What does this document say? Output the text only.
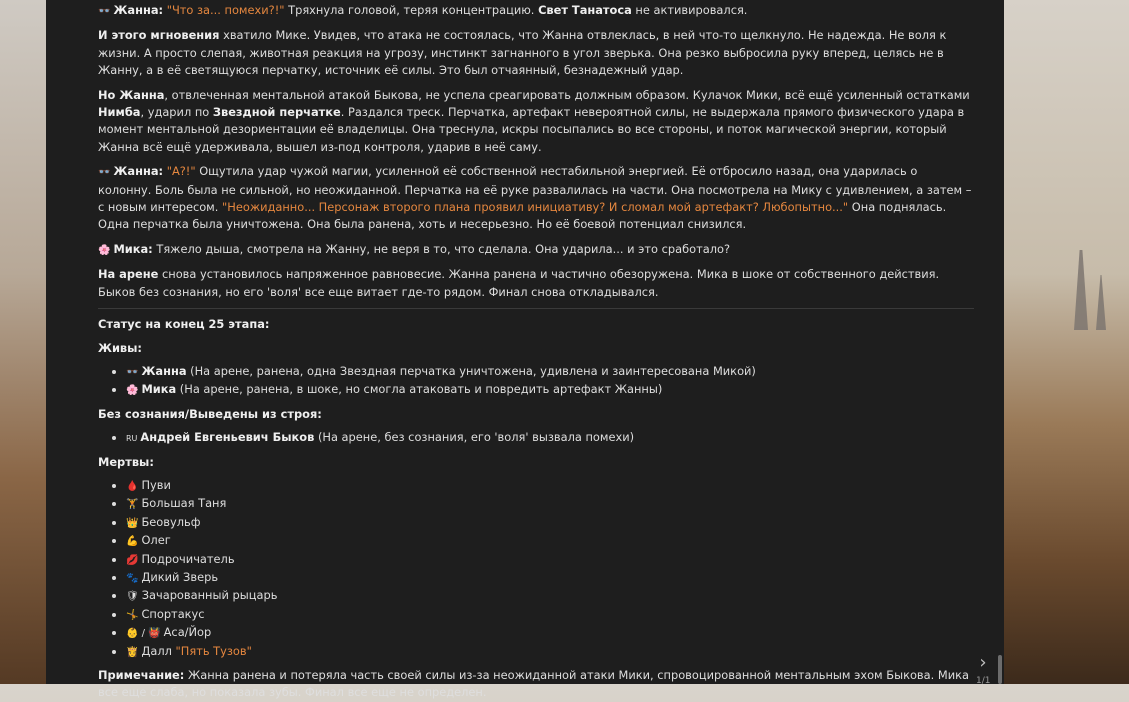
👓 Жанна: "Что за... помехи?!" Тряхнула головой, теряя концентрацию. Свет Танатоса не активировался.

И этого мгновения хватило Мике. Увидев, что атака не состоялась, что Жанна отвлеклась, в ней что-то щелкнуло. Не надежда. Не воля к жизни. А просто слепая, животная реакция на угрозу, инстинкт загнанного в угол зверька. Она резко выбросила руку вперед, целясь не в Жанну, а в её светящуюся перчатку, источник её силы. Это был отчаянный, безнадежный удар.

Но Жанна, отвлеченная ментальной атакой Быкова, не успела среагировать должным образом. Кулачок Мики, всё ещё усиленный остатками Нимба, ударил по Звездной перчатке. Раздался треск. Перчатка, артефакт невероятной силы, не выдержала прямого физического удара в момент ментальной дезориентации её владелицы. Она треснула, искры посыпались во все стороны, и поток магической энергии, который Жанна всё ещё удерживала, вышел из-под контроля, ударив в неё саму.

👓 Жанна: "А?!" Ощутила удар чужой магии, усиленной её собственной нестабильной энергией. Её отбросило назад, она ударилась о колонну. Боль была не сильной, но неожиданной. Перчатка на её руке развалилась на части. Она посмотрела на Мику с удивлением, а затем – с новым интересом. "Неожиданно... Персонаж второго плана проявил инициативу? И сломал мой артефакт? Любопытно..." Она поднялась. Одна перчатка была уничтожена. Она была ранена, хоть и несерьезно. Но её боевой потенциал снизился.

🌸 Мика: Тяжело дыша, смотрела на Жанну, не веря в то, что сделала. Она ударила... и это сработало?

На арене снова установилось напряженное равновесие. Жанна ранена и частично обезоружена. Мика в шоке от собственного действия. Быков без сознания, но его 'воля' все еще витает где-то рядом. Финал снова откладывался.

Статус на конец 25 этапа:
Живы:
• 👓 Жанна (На арене, ранена, одна Звездная перчатка уничтожена, удивлена и заинтересована Микой)
• 🌸 Мика (На арене, ранена, в шоке, но смогла атаковать и повредить артефакт Жанны)
Без сознания/Выведены из строя:
• RU Андрей Евгеньевич Быков (На арене, без сознания, его 'воля' вызвала помехи)
Мертвы:
• 🩸 Пуви
• 🏋 Большая Таня
• 👑 Беовульф
• 💪 Олег
• 💋 Подрочичатель
• 🐾 Дикий Зверь
• 🛡 Зачарованный рыцарь
• 🤸 Спортакус
• 👶 / 👹 Аса/Йор
• 👸 Далл "Пять Тузов"

Примечание: Жанна ранена и потеряла часть своей силы из-за неожиданной атаки Мики, спровоцированной ментальным эхом Быкова. Мика все еще слаба, но показала зубы. Финал все еще не определен.

›
1/1
